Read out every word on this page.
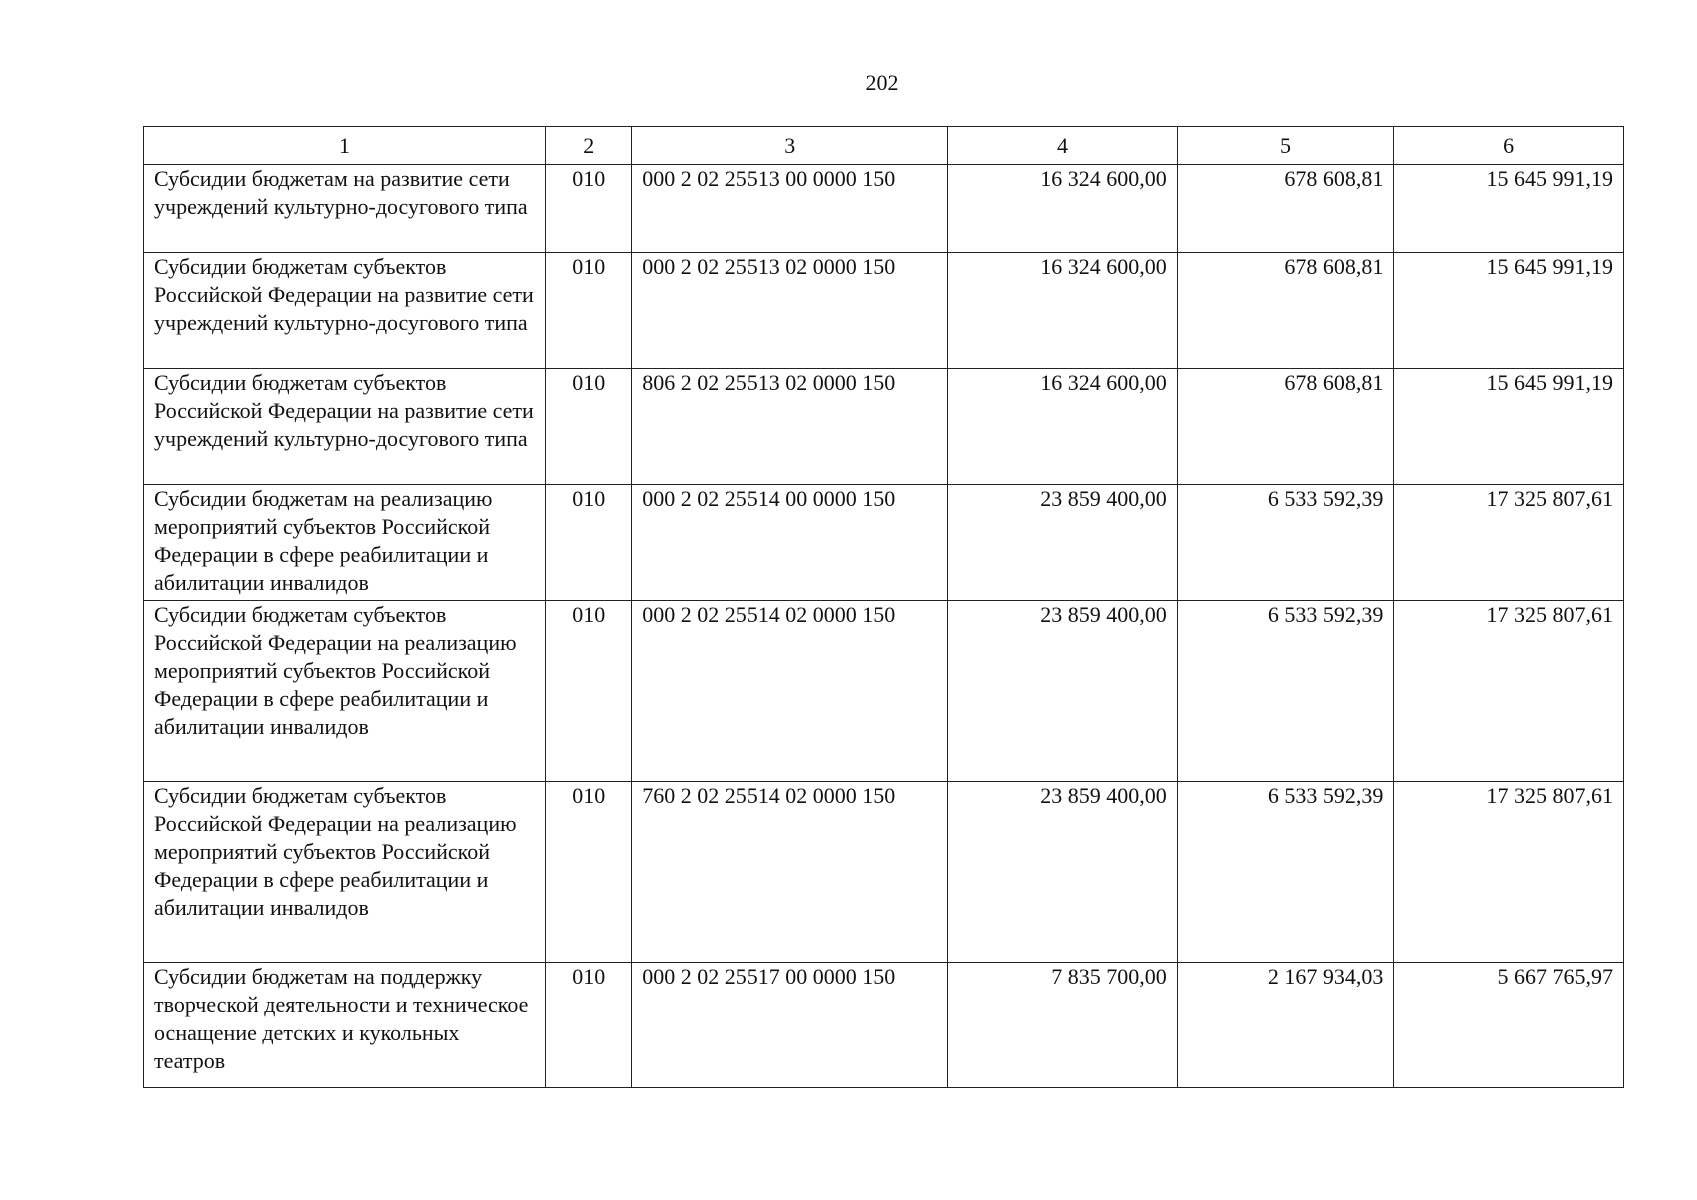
202
1	2	3	4	5	6
Субсидии бюджетам на развитие сети учреждений культурно-досугового типа	010	000 2 02 25513 00 0000 150	16 324 600,00	678 608,81	15 645 991,19
Субсидии бюджетам субъектов Российской Федерации на развитие сети учреждений культурно-досугового типа	010	000 2 02 25513 02 0000 150	16 324 600,00	678 608,81	15 645 991,19
Субсидии бюджетам субъектов Российской Федерации на развитие сети учреждений культурно-досугового типа	010	806 2 02 25513 02 0000 150	16 324 600,00	678 608,81	15 645 991,19
Субсидии бюджетам на реализацию мероприятий субъектов Российской Федерации в сфере реабилитации и абилитации инвалидов	010	000 2 02 25514 00 0000 150	23 859 400,00	6 533 592,39	17 325 807,61
Субсидии бюджетам субъектов Российской Федерации на реализацию мероприятий субъектов Российской Федерации в сфере реабилитации и абилитации инвалидов	010	000 2 02 25514 02 0000 150	23 859 400,00	6 533 592,39	17 325 807,61
Субсидии бюджетам субъектов Российской Федерации на реализацию мероприятий субъектов Российской Федерации в сфере реабилитации и абилитации инвалидов	010	760 2 02 25514 02 0000 150	23 859 400,00	6 533 592,39	17 325 807,61
Субсидии бюджетам на поддержку творческой деятельности и техническое оснащение детских и кукольных театров	010	000 2 02 25517 00 0000 150	7 835 700,00	2 167 934,03	5 667 765,97
